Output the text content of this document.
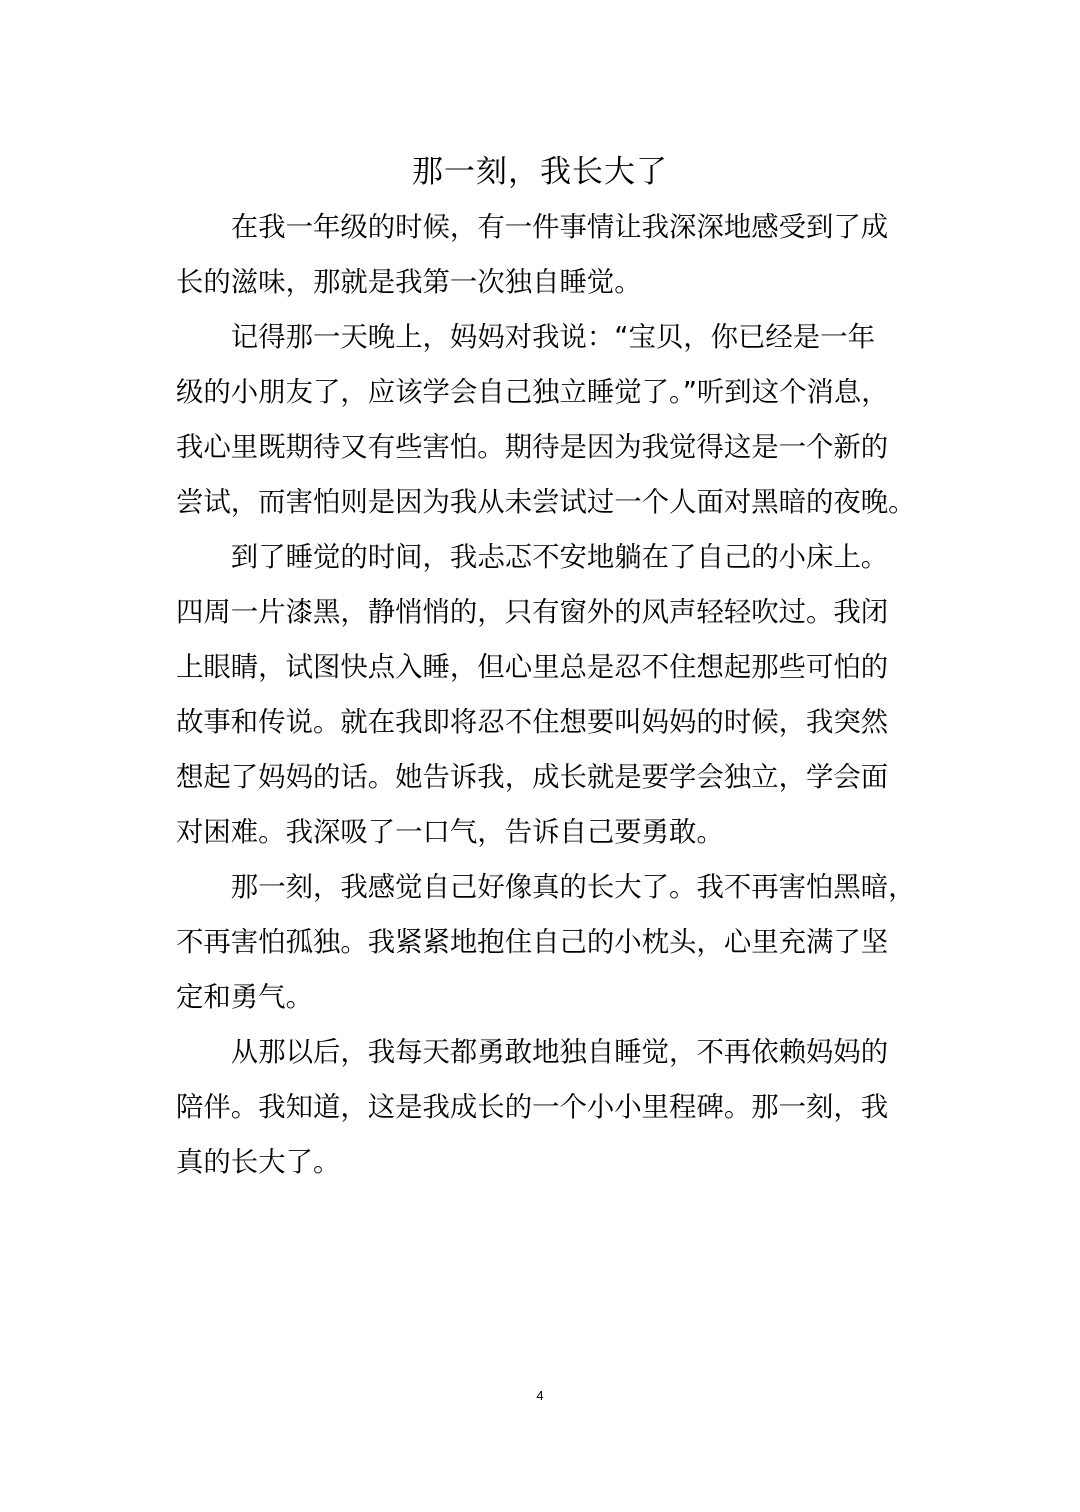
那一刻，我长大了

在我一年级的时候，有一件事情让我深深地感受到了成
长的滋味，那就是我第一次独自睡觉。

记得那一天晚上，妈妈对我说：“宝贝，你已经是一年
级的小朋友了，应该学会自己独立睡觉了。”听到这个消息，
我心里既期待又有些害怕。期待是因为我觉得这是一个新的
尝试，而害怕则是因为我从未尝试过一个人面对黑暗的夜晚。

到了睡觉的时间，我忐忑不安地躺在了自己的小床上。
四周一片漆黑，静悄悄的，只有窗外的风声轻轻吹过。我闭
上眼睛，试图快点入睡，但心里总是忍不住想起那些可怕的
故事和传说。就在我即将忍不住想要叫妈妈的时候，我突然
想起了妈妈的话。她告诉我，成长就是要学会独立，学会面
对困难。我深吸了一口气，告诉自己要勇敢。

那一刻，我感觉自己好像真的长大了。我不再害怕黑暗，
不再害怕孤独。我紧紧地抱住自己的小枕头，心里充满了坚
定和勇气。

从那以后，我每天都勇敢地独自睡觉，不再依赖妈妈的
陪伴。我知道，这是我成长的一个小小里程碑。那一刻，我
真的长大了。

4
